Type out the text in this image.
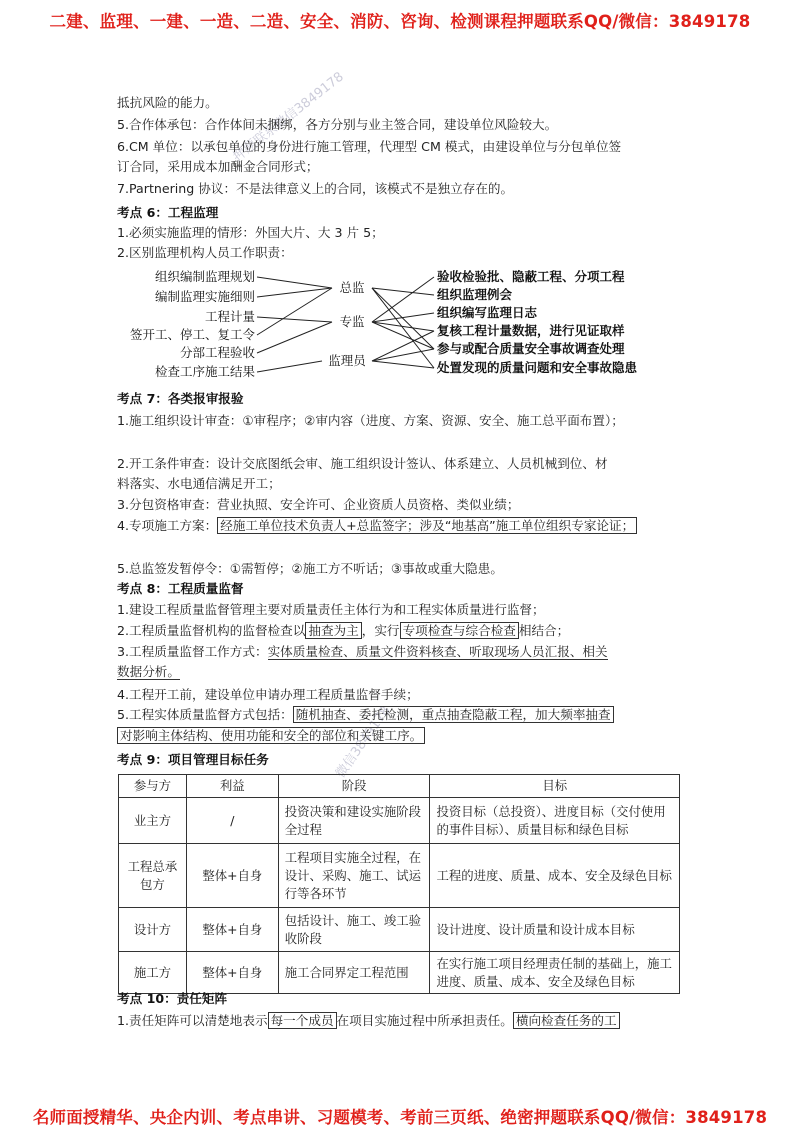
二建、监理、一建、一造、二造、安全、消防、咨询、检测课程押题联系QQ/微信：3849178
押题联系微信3849178
微信3849178
抵抗风险的能力。
5.合作体承包：合作体间未捆绑，各方分别与业主签合同，建设单位风险较大。
6.CM 单位：以承包单位的身份进行施工管理，代理型 CM 模式，由建设单位与分包单位签
订合同，采用成本加酬金合同形式；
7.Partnering 协议：不是法律意义上的合同，该模式不是独立存在的。
考点 6：工程监理
1.必须实施监理的情形：外国大片、大 3 片 5；
2.区别监理机构人员工作职责：
组织编制监理规划
编制监理实施细则
工程计量
签开工、停工、复工令
分部工程验收
检查工序施工结果
总监
专监
监理员
验收检验批、隐蔽工程、分项工程
组织监理例会
组织编写监理日志
复核工程计量数据，进行见证取样
参与或配合质量安全事故调查处理
处置发现的质量问题和安全事故隐患
考点 7：各类报审报验
1.施工组织设计审查：①审程序；②审内容（进度、方案、资源、安全、施工总平面布置）；
2.开工条件审查：设计交底图纸会审、施工组织设计签认、体系建立、人员机械到位、材
料落实、水电通信满足开工；
3.分包资格审查：营业执照、安全许可、企业资质人员资格、类似业绩；
4.专项施工方案： 经施工单位技术负责人+总监签字；涉及“地基高”施工单位组织专家论证；
5.总监签发暂停令：①需暂停；②施工方不听话；③事故或重大隐患。
考点 8：工程质量监督
1.建设工程质量监督管理主要对质量责任主体行为和工程实体质量进行监督；
2.工程质量监督机构的监督检查以 抽查为主 ，实行 专项检查与综合检查 相结合；
3.工程质量监督工作方式：实体质量检查、质量文件资料核查、听取现场人员汇报、相关
数据分析。
4.工程开工前，建设单位申请办理工程质量监督手续；
5.工程实体质量监督方式包括： 随机抽查、委托检测，重点抽查隐蔽工程，加大频率抽查
对影响主体结构、使用功能和安全的部位和关键工序。
考点 9：项目管理目标任务
参与方	利益	阶段	目标
业主方	/	投资决策和建设实施阶段全过程	投资目标（总投资）、进度目标（交付使用的事件目标）、质量目标和绿色目标
工程总承包方	整体+自身	工程项目实施全过程，在设计、采购、施工、试运行等各环节	工程的进度、质量、成本、安全及绿色目标
设计方	整体+自身	包括设计、施工、竣工验收阶段	设计进度、设计质量和设计成本目标
施工方	整体+自身	施工合同界定工程范围	在实行施工项目经理责任制的基础上，施工进度、质量、成本、安全及绿色目标
考点 10：责任矩阵
1.责任矩阵可以清楚地表示 每一个成员 在项目实施过程中所承担责任。 横向检查任务的工
名师面授精华、央企内训、考点串讲、习题模考、考前三页纸、绝密押题联系QQ/微信：3849178
